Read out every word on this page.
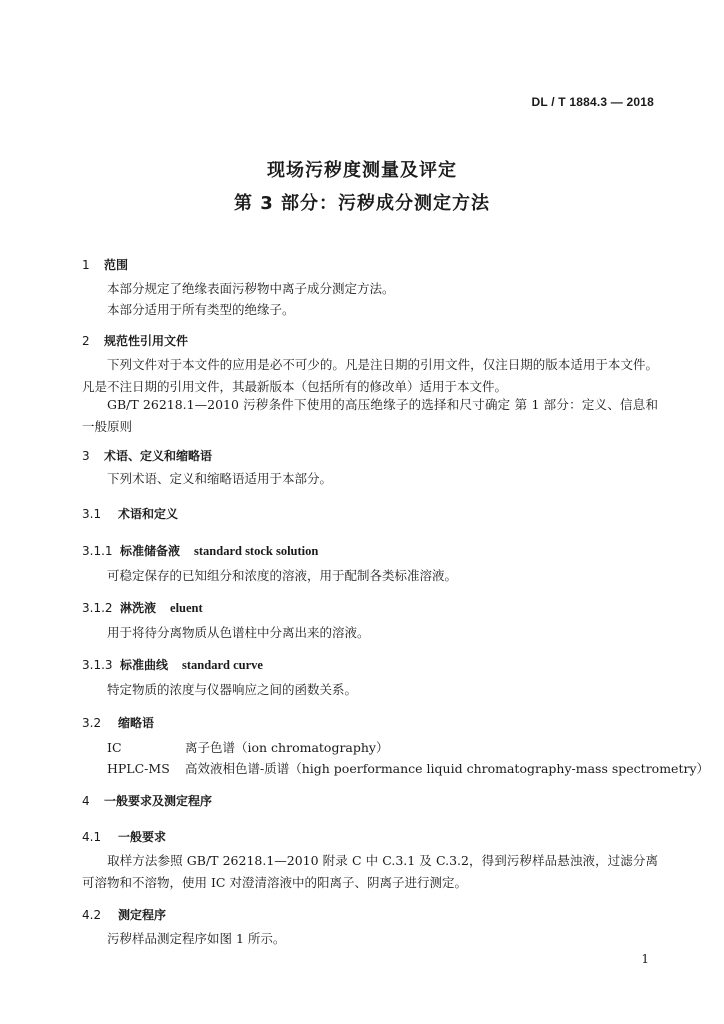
DL / T 1884.3 — 2018
现场污秽度测量及评定
第 3 部分：污秽成分测定方法
1 范围
本部分规定了绝缘表面污秽物中离子成分测定方法。
本部分适用于所有类型的绝缘子。
2 规范性引用文件
下列文件对于本文件的应用是必不可少的。凡是注日期的引用文件，仅注日期的版本适用于本文件。凡是不注日期的引用文件，其最新版本（包括所有的修改单）适用于本文件。
GB/T 26218.1—2010 污秽条件下使用的高压绝缘子的选择和尺寸确定 第 1 部分：定义、信息和一般原则
3 术语、定义和缩略语
下列术语、定义和缩略语适用于本部分。
3.1 术语和定义
3.1.1 标准储备液 standard stock solution
可稳定保存的已知组分和浓度的溶液，用于配制各类标准溶液。
3.1.2 淋洗液 eluent
用于将待分离物质从色谱柱中分离出来的溶液。
3.1.3 标准曲线 standard curve
特定物质的浓度与仪器响应之间的函数关系。
3.2 缩略语
IC	离子色谱（ion chromatography）
HPLC-MS 高效液相色谱-质谱（high poerformance liquid chromatography-mass spectrometry）
4 一般要求及测定程序
4.1 一般要求
取样方法参照 GB/T 26218.1—2010 附录 C 中 C.3.1 及 C.3.2，得到污秽样品悬浊液，过滤分离可溶物和不溶物，使用 IC 对澄清溶液中的阳离子、阴离子进行测定。
4.2 测定程序
污秽样品测定程序如图 1 所示。
1
